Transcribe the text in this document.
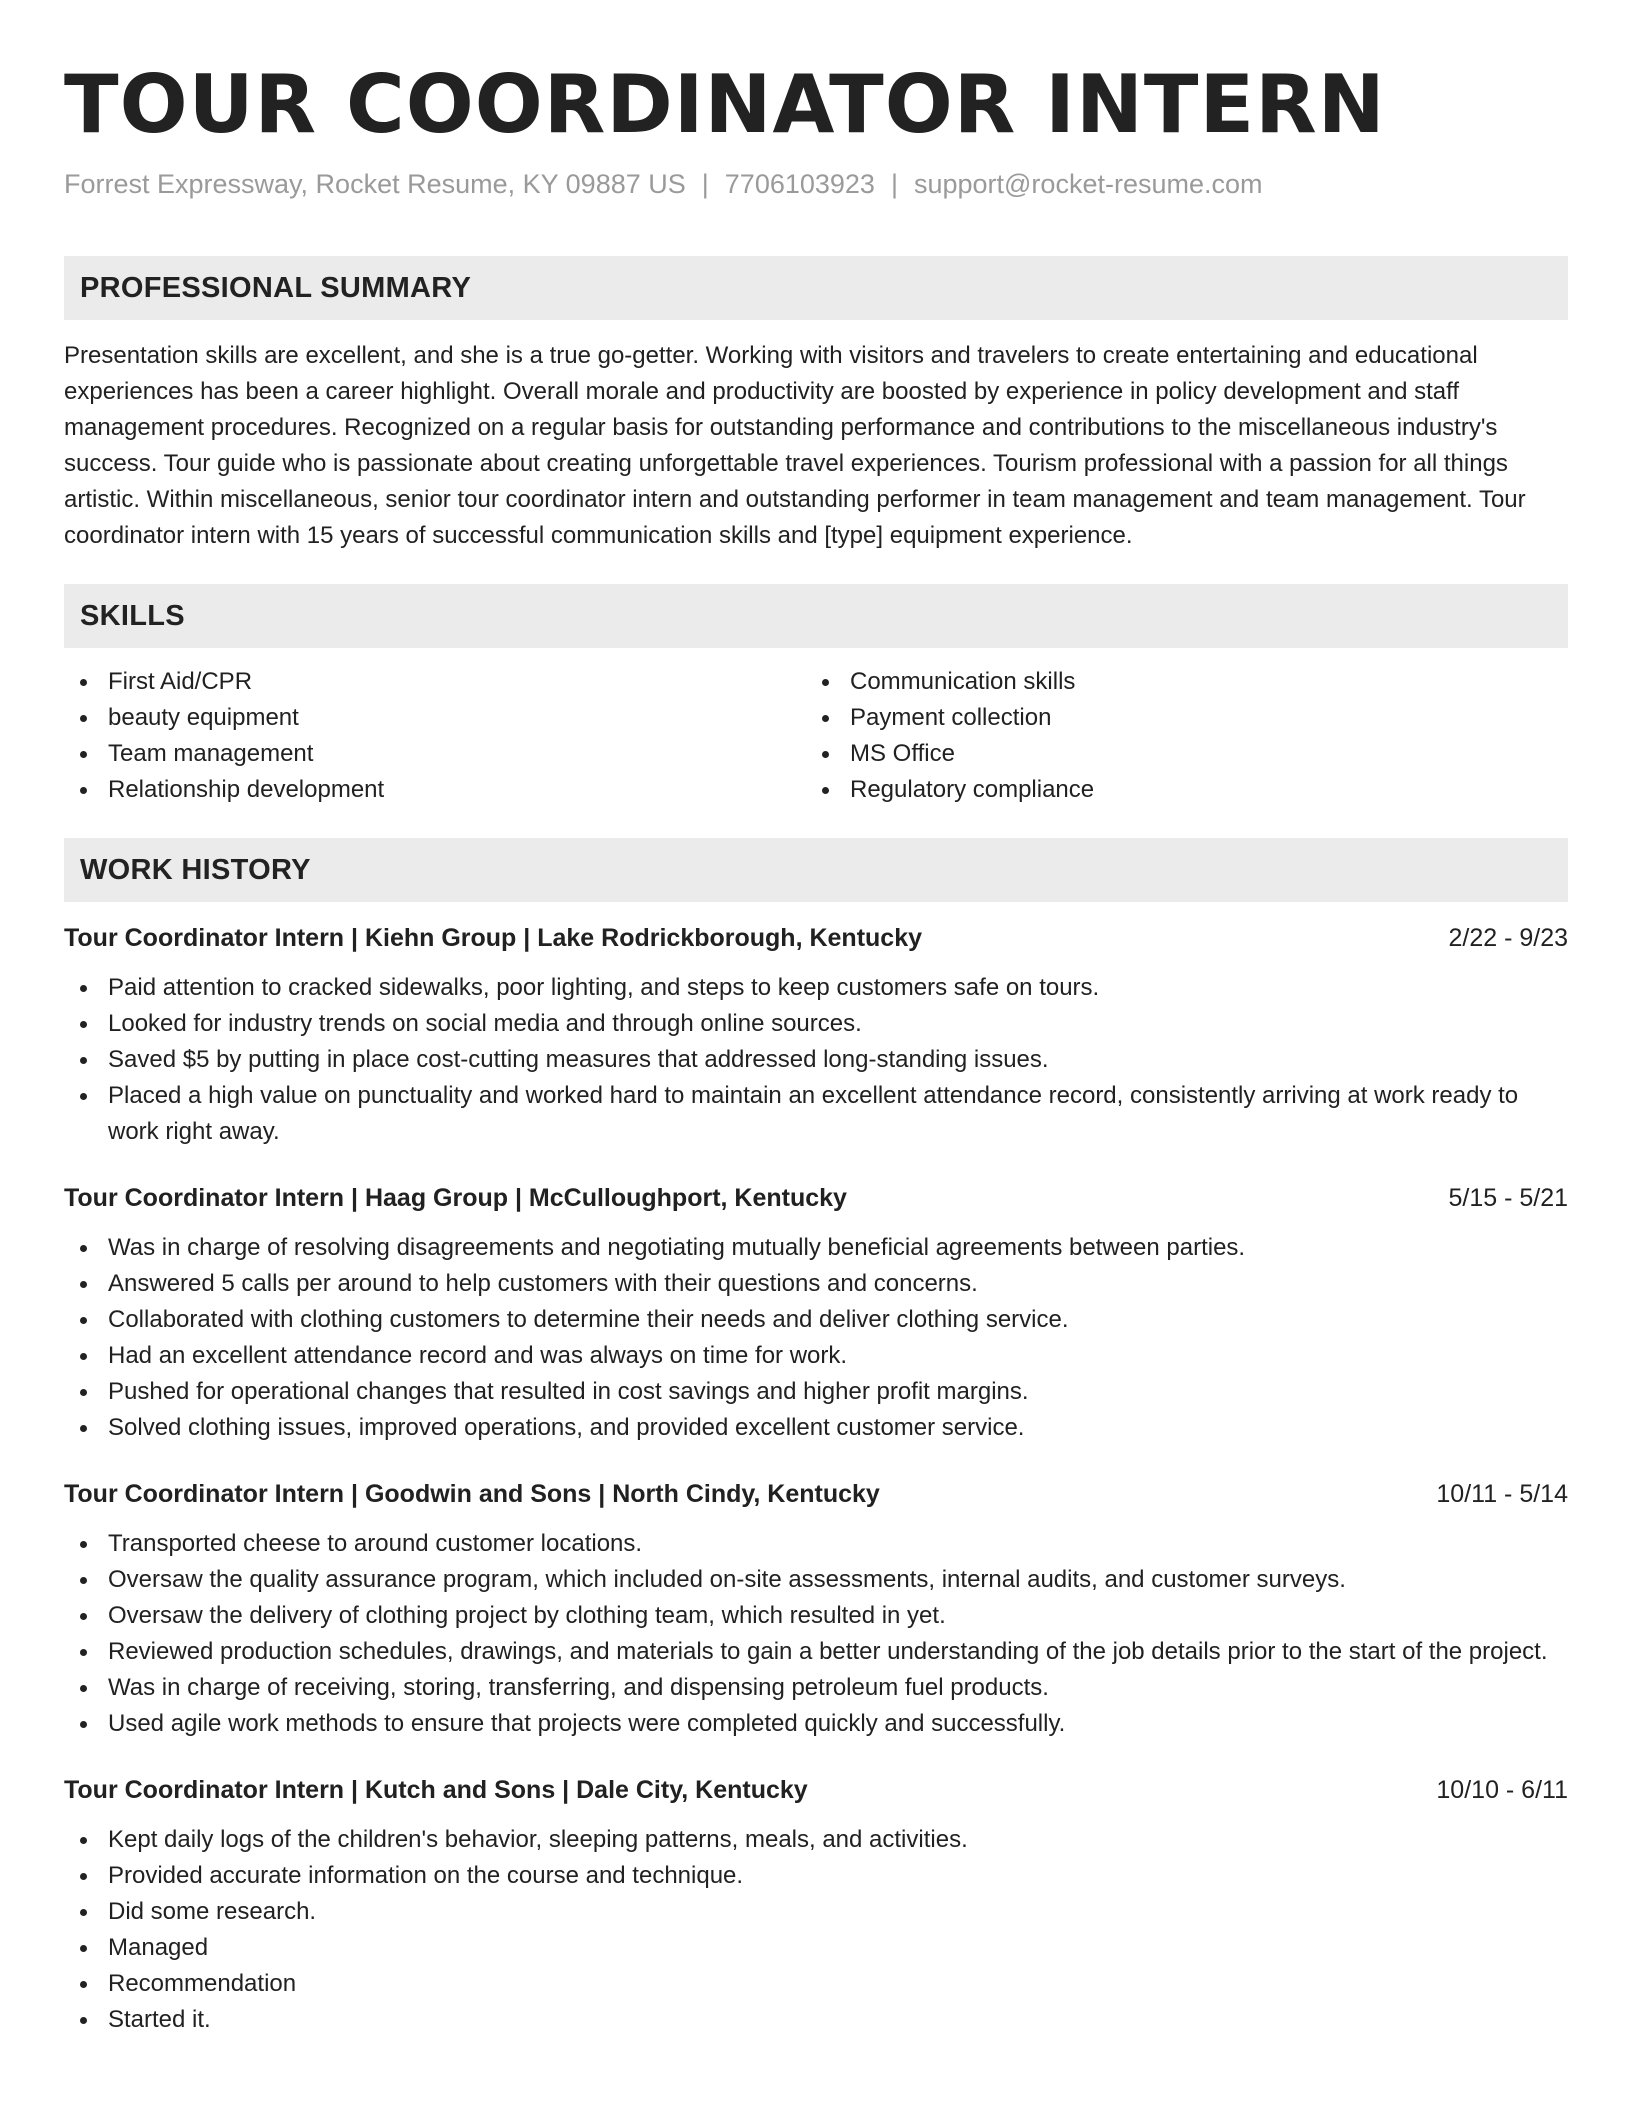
TOUR COORDINATOR INTERN
Forrest Expressway, Rocket Resume, KY 09887 US | 7706103923 | support@rocket-resume.com
PROFESSIONAL SUMMARY

Presentation skills are excellent, and she is a true go-getter. Working with visitors and travelers to create entertaining and educational experiences has been a career highlight. Overall morale and productivity are boosted by experience in policy development and staff management procedures. Recognized on a regular basis for outstanding performance and contributions to the miscellaneous industry's success. Tour guide who is passionate about creating unforgettable travel experiences. Tourism professional with a passion for all things artistic. Within miscellaneous, senior tour coordinator intern and outstanding performer in team management and team management. Tour coordinator intern with 15 years of successful communication skills and [type] equipment experience.

SKILLS
First Aid/CPR
beauty equipment
Team management
Relationship development
Communication skills
Payment collection
MS Office
Regulatory compliance
WORK HISTORY
Tour Coordinator Intern | Kiehn Group | Lake Rodrickborough, Kentucky	2/22 - 9/23
Paid attention to cracked sidewalks, poor lighting, and steps to keep customers safe on tours.
Looked for industry trends on social media and through online sources.
Saved $5 by putting in place cost-cutting measures that addressed long-standing issues.
Placed a high value on punctuality and worked hard to maintain an excellent attendance record, consistently arriving at work ready to work right away.
Tour Coordinator Intern | Haag Group | McCulloughport, Kentucky	5/15 - 5/21
Was in charge of resolving disagreements and negotiating mutually beneficial agreements between parties.
Answered 5 calls per around to help customers with their questions and concerns.
Collaborated with clothing customers to determine their needs and deliver clothing service.
Had an excellent attendance record and was always on time for work.
Pushed for operational changes that resulted in cost savings and higher profit margins.
Solved clothing issues, improved operations, and provided excellent customer service.
Tour Coordinator Intern | Goodwin and Sons | North Cindy, Kentucky	10/11 - 5/14
Transported cheese to around customer locations.
Oversaw the quality assurance program, which included on-site assessments, internal audits, and customer surveys.
Oversaw the delivery of clothing project by clothing team, which resulted in yet.
Reviewed production schedules, drawings, and materials to gain a better understanding of the job details prior to the start of the project.
Was in charge of receiving, storing, transferring, and dispensing petroleum fuel products.
Used agile work methods to ensure that projects were completed quickly and successfully.
Tour Coordinator Intern | Kutch and Sons | Dale City, Kentucky	10/10 - 6/11
Kept daily logs of the children's behavior, sleeping patterns, meals, and activities.
Provided accurate information on the course and technique.
Did some research.
Managed
Recommendation
Started it.
